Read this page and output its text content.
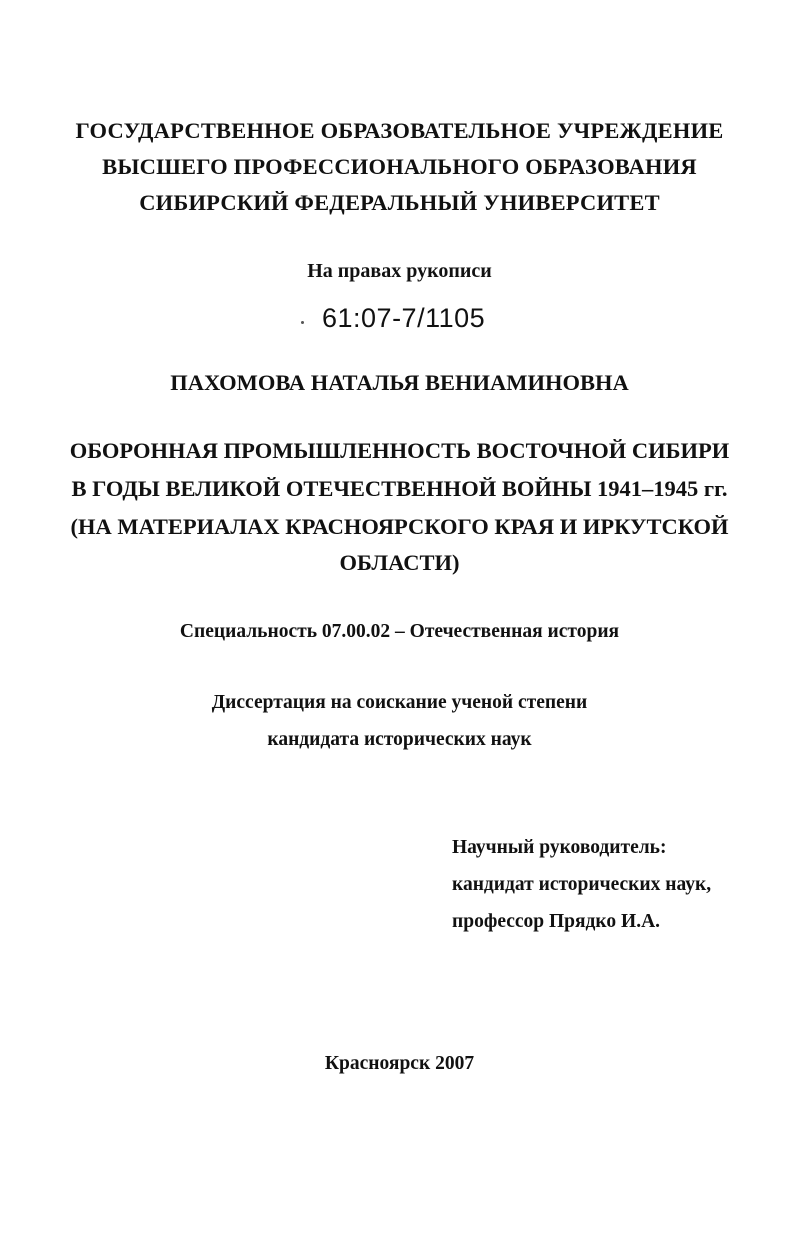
ГОСУДАРСТВЕННОЕ ОБРАЗОВАТЕЛЬНОЕ УЧРЕЖДЕНИЕ
ВЫСШЕГО ПРОФЕССИОНАЛЬНОГО ОБРАЗОВАНИЯ
СИБИРСКИЙ ФЕДЕРАЛЬНЫЙ УНИВЕРСИТЕТ
На правах рукописи
61:07-7/1105
ПАХОМОВА НАТАЛЬЯ ВЕНИАМИНОВНА
ОБОРОННАЯ ПРОМЫШЛЕННОСТЬ ВОСТОЧНОЙ СИБИРИ
В ГОДЫ ВЕЛИКОЙ ОТЕЧЕСТВЕННОЙ ВОЙНЫ 1941–1945 гг.
(НА МАТЕРИАЛАХ КРАСНОЯРСКОГО КРАЯ И ИРКУТСКОЙ
ОБЛАСТИ)
Специальность 07.00.02 – Отечественная история
Диссертация на соискание ученой степени
кандидата исторических наук
Научный руководитель:
кандидат исторических наук,
профессор Прядко И.А.
Красноярск 2007
